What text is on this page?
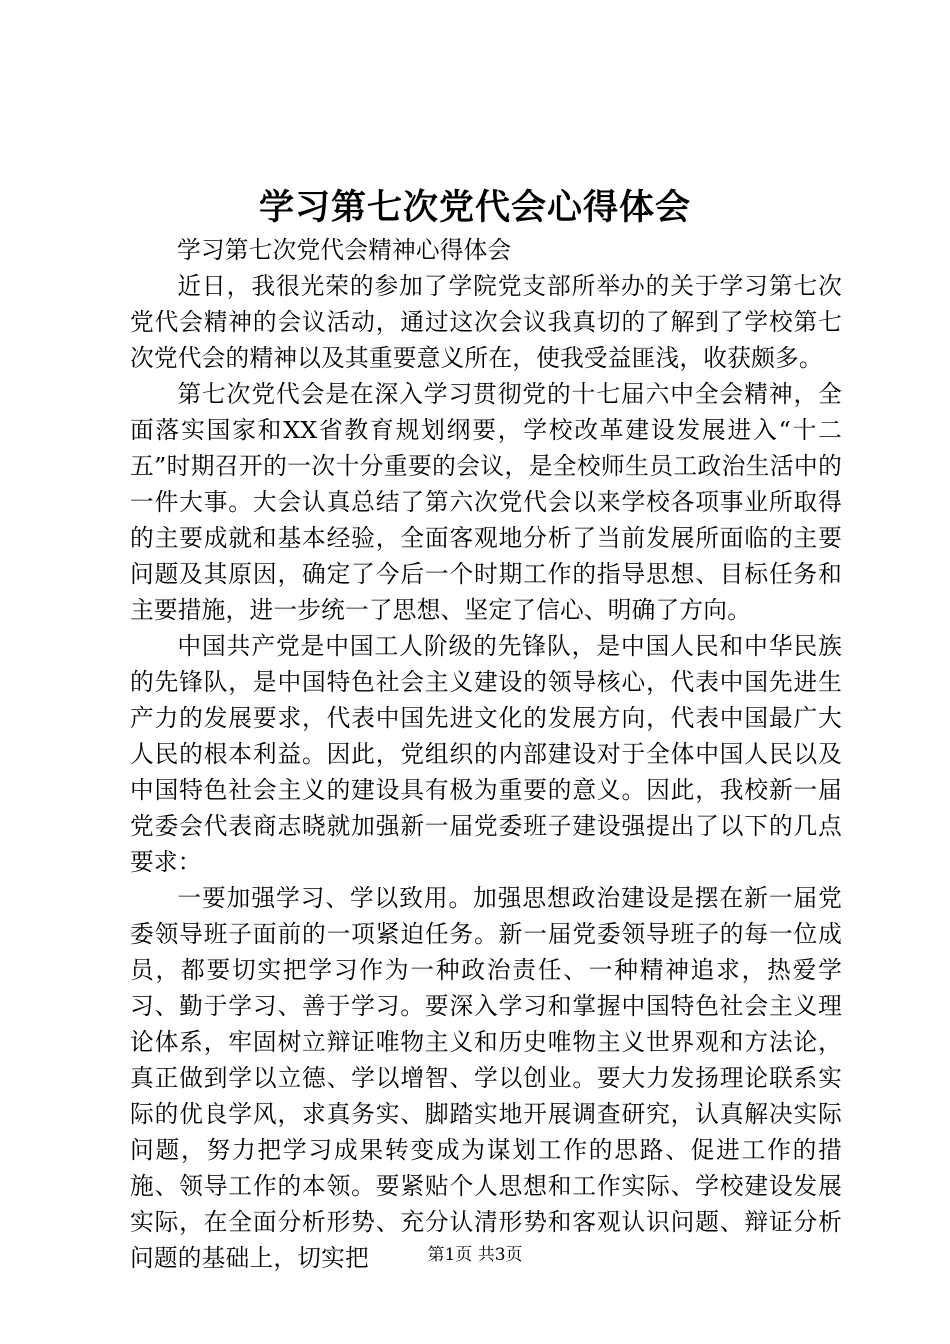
学习第七次党代会心得体会

学习第七次党代会精神心得体会

近日，我很光荣的参加了学院党支部所举办的关于学习第七次党代会精神的会议活动，通过这次会议我真切的了解到了学校第七次党代会的精神以及其重要意义所在，使我受益匪浅，收获颇多。

第七次党代会是在深入学习贯彻党的十七届六中全会精神，全面落实国家和XX省教育规划纲要，学校改革建设发展进入“十二五”时期召开的一次十分重要的会议，是全校师生员工政治生活中的一件大事。大会认真总结了第六次党代会以来学校各项事业所取得的主要成就和基本经验，全面客观地分析了当前发展所面临的主要问题及其原因，确定了今后一个时期工作的指导思想、目标任务和主要措施，进一步统一了思想、坚定了信心、明确了方向。

中国共产党是中国工人阶级的先锋队，是中国人民和中华民族的先锋队，是中国特色社会主义建设的领导核心，代表中国先进生产力的发展要求，代表中国先进文化的发展方向，代表中国最广大人民的根本利益。因此，党组织的内部建设对于全体中国人民以及中国特色社会主义的建设具有极为重要的意义。因此，我校新一届党委会代表商志晓就加强新一届党委班子建设强提出了以下的几点要求：

一要加强学习、学以致用。加强思想政治建设是摆在新一届党委领导班子面前的一项紧迫任务。新一届党委领导班子的每一位成员，都要切实把学习作为一种政治责任、一种精神追求，热爱学习、勤于学习、善于学习。要深入学习和掌握中国特色社会主义理论体系，牢固树立辩证唯物主义和历史唯物主义世界观和方法论，真正做到学以立德、学以增智、学以创业。要大力发扬理论联系实际的优良学风，求真务实、脚踏实地开展调查研究，认真解决实际问题，努力把学习成果转变成为谋划工作的思路、促进工作的措施、领导工作的本领。要紧贴个人思想和工作实际、学校建设发展实际，在全面分析形势、充分认清形势和客观认识问题、辩证分析问题的基础上，切实把	第1页 共3页
